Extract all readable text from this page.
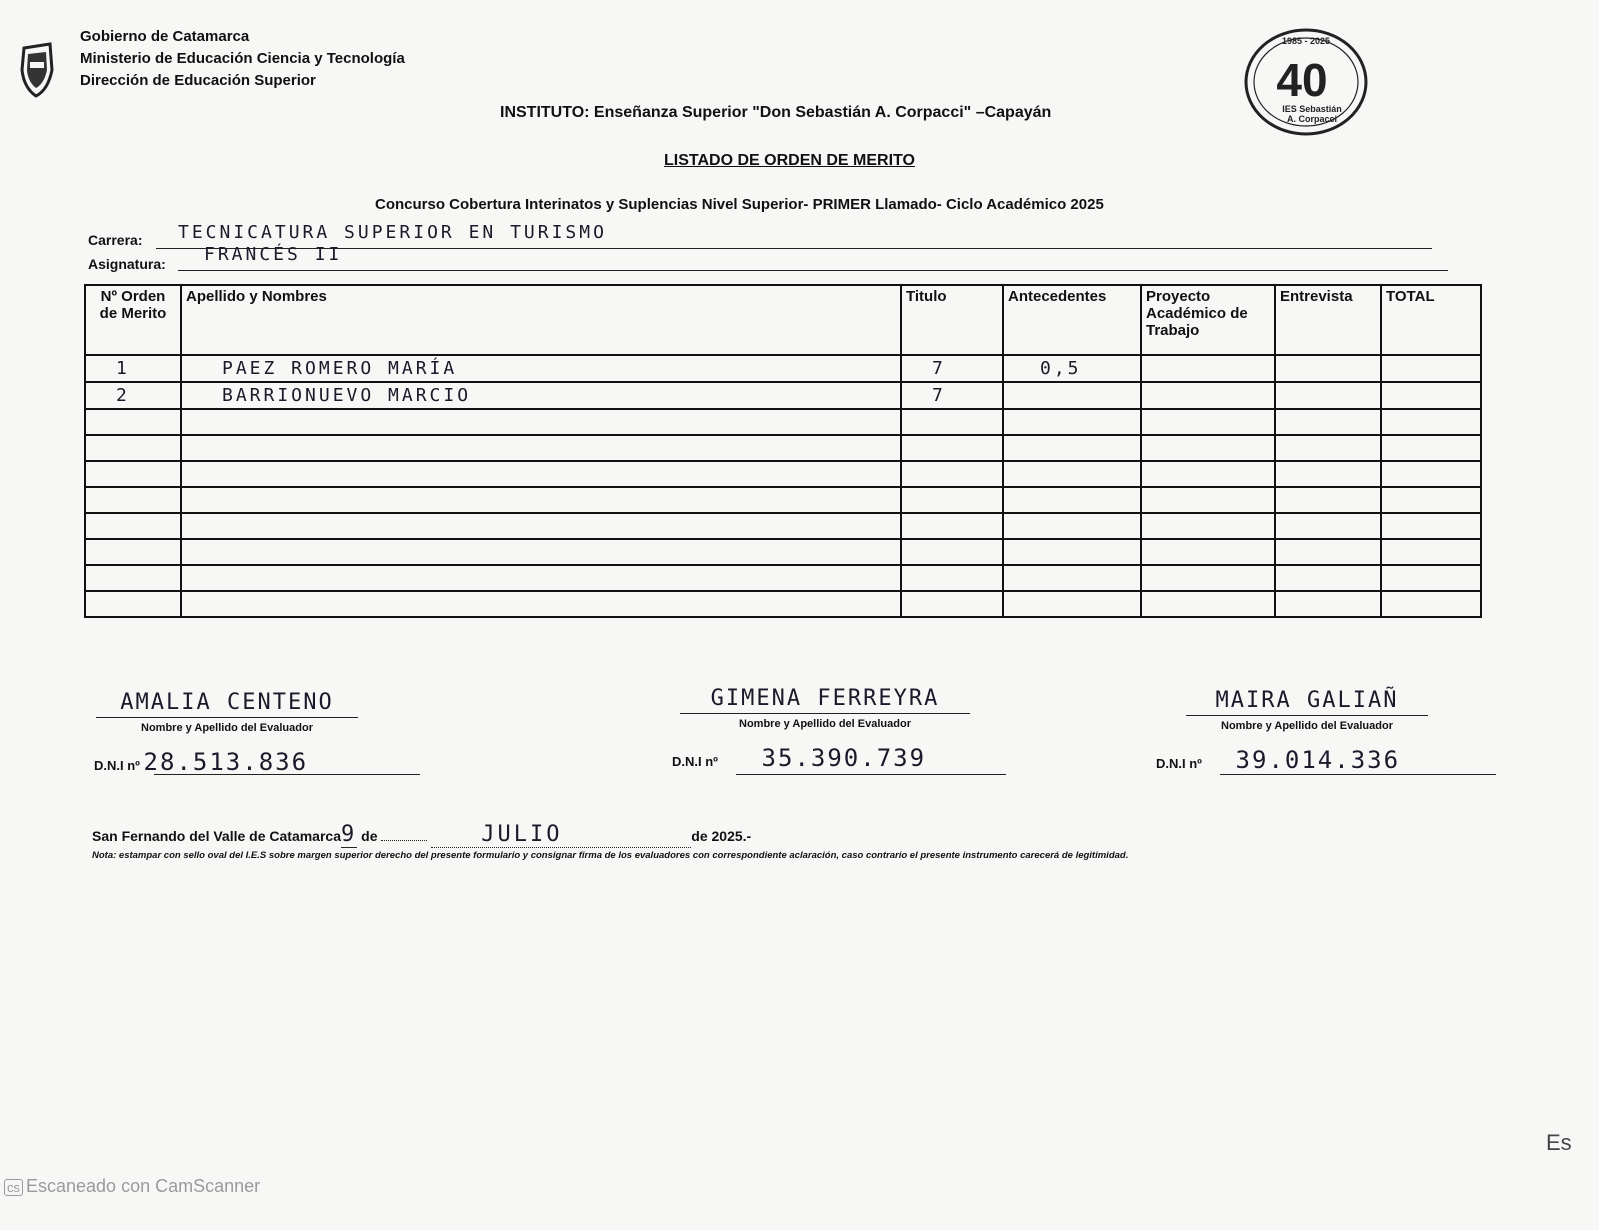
Gobierno de Catamarca
Ministerio de Educación Ciencia y Tecnología
Dirección de Educación Superior
1985 - 2025
40
IES Sebastián
A. Corpacci
INSTITUTO: Enseñanza Superior "Don Sebastián A. Corpacci" –Capayán
LISTADO DE ORDEN DE MERITO
Concurso Cobertura Interinatos y Suplencias Nivel Superior- PRIMER Llamado- Ciclo Académico 2025
Carrera: TECNICATURA SUPERIOR EN TURISMO
Asignatura: FRANCÉS II
Nº Orden de Merito	Apellido y Nombres	Titulo	Antecedentes	Proyecto Académico de Trabajo	Entrevista	TOTAL
1	PAEZ ROMERO MARÍA	7	0,5			
2	BARRIONUEVO MARCIO	7				

AMALIA CENTENO
Nombre y Apellido del Evaluador
D.N.I nº 28.513.836
GIMENA FERREYRA
Nombre y Apellido del Evaluador
D.N.I nº 35.390.739
MAIRA GALIAÑ
Nombre y Apellido del Evaluador
D.N.I nº 39.014.336
San Fernando del Valle de Catamarca9 de	JULIO	de 2025.-
Nota: estampar con sello oval del I.E.S sobre margen superior derecho del presente formulario y consignar firma de los evaluadores con correspondiente aclaración, caso contrario el presente instrumento carecerá de legitimidad.
cs Escaneado con CamScanner
Es
